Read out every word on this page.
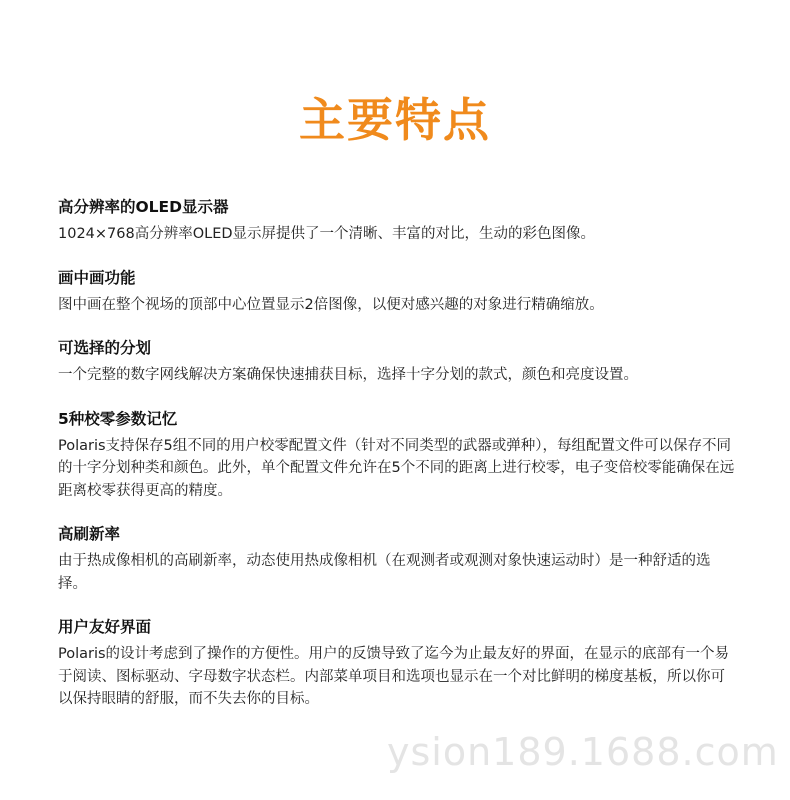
主要特点
高分辨率的OLED显示器

1024×768高分辨率OLED显示屏提供了一个清晰、丰富的对比，生动的彩色图像。

画中画功能

图中画在整个视场的顶部中心位置显示2倍图像，以便对感兴趣的对象进行精确缩放。

可选择的分划

一个完整的数字网线解决方案确保快速捕获目标，选择十字分划的款式，颜色和亮度设置。

5种校零参数记忆

Polaris支持保存5组不同的用户校零配置文件（针对不同类型的武器或弹种），每组配置文件可以保存不同的十字分划种类和颜色。此外，单个配置文件允许在5个不同的距离上进行校零，电子变倍校零能确保在远距离校零获得更高的精度。

高刷新率

由于热成像相机的高刷新率，动态使用热成像相机（在观测者或观测对象快速运动时）是一种舒适的选择。

用户友好界面

Polaris的设计考虑到了操作的方便性。用户的反馈导致了迄今为止最友好的界面，在显示的底部有一个易于阅读、图标驱动、字母数字状态栏。内部菜单项目和选项也显示在一个对比鲜明的梯度基板，所以你可以保持眼睛的舒服，而不失去你的目标。

ysion189.1688.com
